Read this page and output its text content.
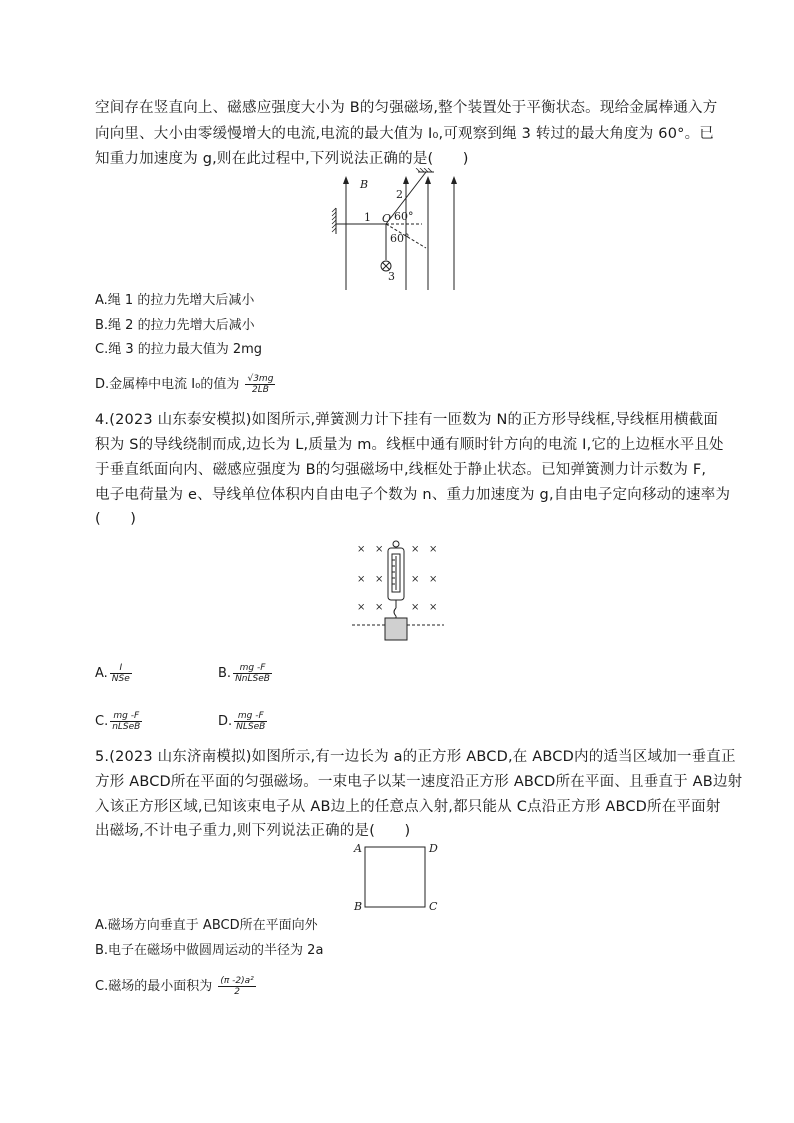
空间存在竖直向上、磁感应强度大小为 B的匀强磁场,整个装置处于平衡状态。现给金属棒通入方
向向里、大小由零缓慢增大的电流,电流的最大值为 I₀,可观察到绳 3 转过的最大角度为 60°。已
知重力加速度为 g,则在此过程中,下列说法正确的是(　　)
B
1
2
3
O 60°
60°
A.绳 1 的拉力先增大后减小
B.绳 2 的拉力先增大后减小
C.绳 3 的拉力最大值为 2mg
D.金属棒中电流 I₀的值为 $\frac{√3mg}{2LB}$
4.(2023 山东泰安模拟)如图所示,弹簧测力计下挂有一匝数为 N的正方形导线框,导线框用横截面
积为 S的导线绕制而成,边长为 L,质量为 m。线框中通有顺时针方向的电流 I,它的上边框水平且处
于垂直纸面向内、磁感应强度为 B的匀强磁场中,线框处于静止状态。已知弹簧测力计示数为 F,
电子电荷量为 e、导线单位体积内自由电子个数为 n、重力加速度为 g,自由电子定向移动的速率为
(　　)
× ×	× ×
× ×	× ×
× ×	× ×
A. $\frac{I}{\text{NSe}}$	B. $\frac{mg -F}{\text{NnLSeB}}$
C. $\frac{mg -F}{\text{nLSeB}}$	D. $\frac{mg -F}{\text{NLSeB}}$
5.(2023 山东济南模拟)如图所示,有一边长为 a的正方形 ABCD,在 ABCD内的适当区域加一垂直正
方形 ABCD所在平面的匀强磁场。一束电子以某一速度沿正方形 ABCD所在平面、且垂直于 AB边射
入该正方形区域,已知该束电子从 AB边上的任意点入射,都只能从 C点沿正方形 ABCD所在平面射
出磁场,不计电子重力,则下列说法正确的是(　　)
A	D
B	C
A.磁场方向垂直于 ABCD所在平面向外
B.电子在磁场中做圆周运动的半径为 2a
C.磁场的最小面积为 $\frac{\text{(π -2)a²}}{2}$
